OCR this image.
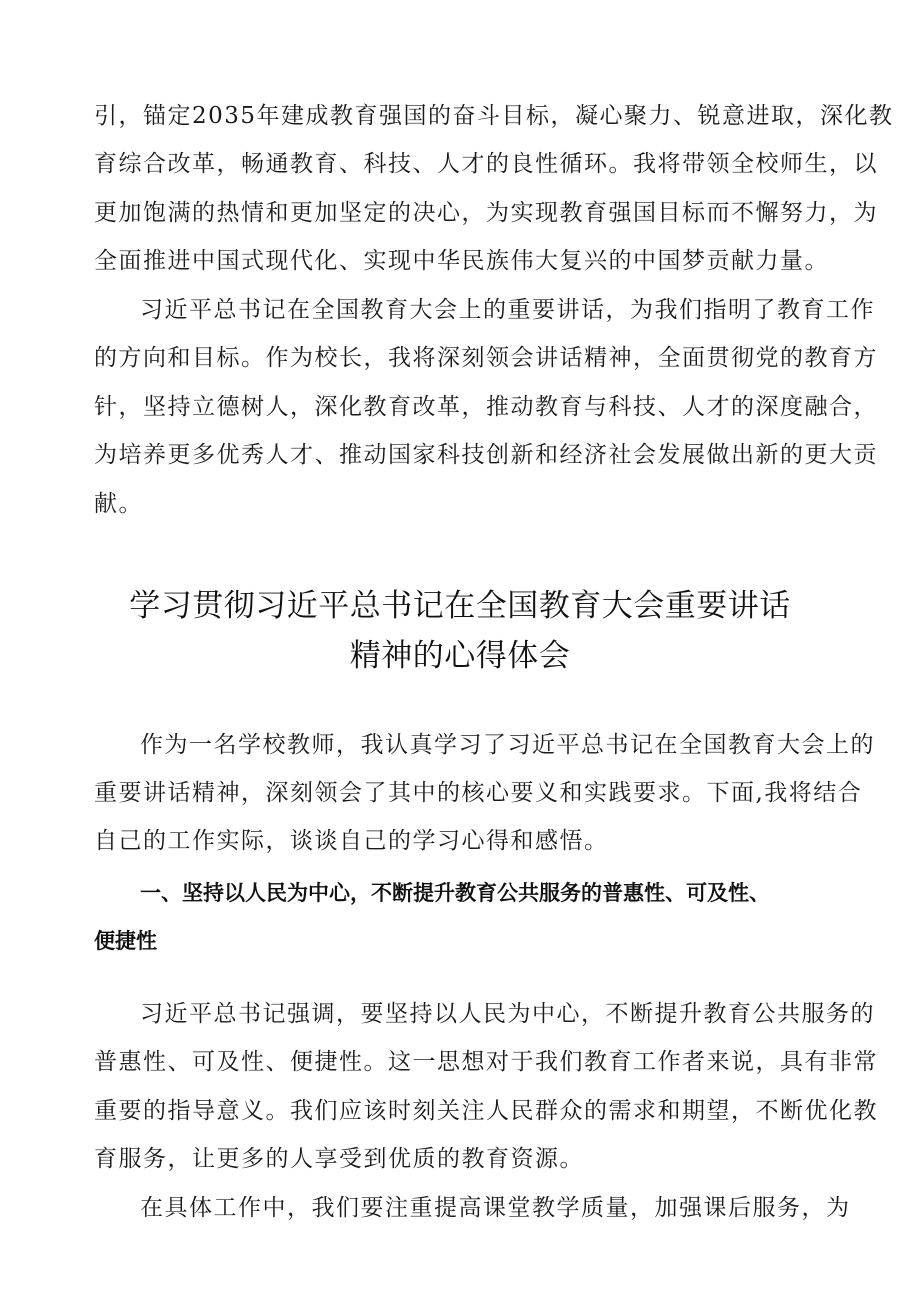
引，锚定2035年建成教育强国的奋斗目标，凝心聚力、锐意进取，深化教
育综合改革，畅通教育、科技、人才的良性循环。我将带领全校师生，以
更加饱满的热情和更加坚定的决心，为实现教育强国目标而不懈努力，为
全面推进中国式现代化、实现中华民族伟大复兴的中国梦贡献力量。
习近平总书记在全国教育大会上的重要讲话，为我们指明了教育工作
的方向和目标。作为校长，我将深刻领会讲话精神，全面贯彻党的教育方
针，坚持立德树人，深化教育改革，推动教育与科技、人才的深度融合，
为培养更多优秀人才、推动国家科技创新和经济社会发展做出新的更大贡
献。
学习贯彻习近平总书记在全国教育大会重要讲话
精神的心得体会
作为一名学校教师，我认真学习了习近平总书记在全国教育大会上的
重要讲话精神，深刻领会了其中的核心要义和实践要求。下面,我将结合
自己的工作实际，谈谈自己的学习心得和感悟。
一、坚持以人民为中心，不断提升教育公共服务的普惠性、可及性、
便捷性
习近平总书记强调，要坚持以人民为中心，不断提升教育公共服务的
普惠性、可及性、便捷性。这一思想对于我们教育工作者来说，具有非常
重要的指导意义。我们应该时刻关注人民群众的需求和期望，不断优化教
育服务，让更多的人享受到优质的教育资源。
在具体工作中，我们要注重提高课堂教学质量，加强课后服务，为
